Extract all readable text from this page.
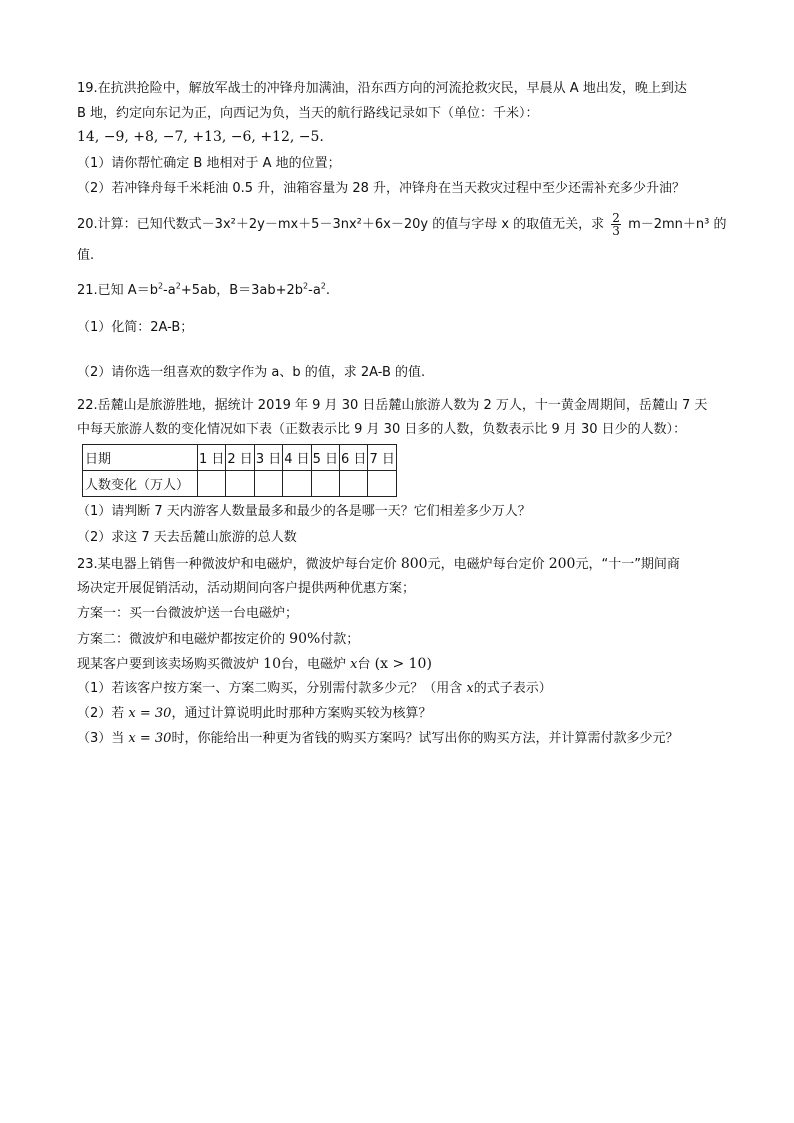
19.在抗洪抢险中，解放军战士的冲锋舟加满油，沿东西方向的河流抢救灾民，早晨从 A 地出发，晚上到达
B 地，约定向东记为正，向西记为负，当天的航行路线记录如下（单位：千米）：
14, −9, +8, −7, +13, −6, +12, −5.
（1）请你帮忙确定 B 地相对于 A 地的位置；
（2）若冲锋舟每千米耗油 0.5 升，油箱容量为 28 升，冲锋舟在当天救灾过程中至少还需补充多少升油？
20.计算：已知代数式－3x²＋2y－mx＋5－3nx²＋6x－20y 的值与字母 x 的取值无关，求 $\frac{2}{3} m-2mn+n^3$ 的
值.
21.已知 $A=b^2-a^2+5ab$，$B=3ab+2b^2-a^2$.
（1）化简：2A-B；
（2）请你选一组喜欢的数字作为 a、b 的值，求 2A-B 的值.
22.岳麓山是旅游胜地，据统计 2019 年 9 月 30 日岳麓山旅游人数为 2 万人，十一黄金周期间，岳麓山 7 天
中每天旅游人数的变化情况如下表（正数表示比 9 月 30 日多的人数，负数表示比 9 月 30 日少的人数）：
日期	1 日	2 日	3 日	4 日	5 日	6 日	7 日
人数变化（万人）							
（1）请判断 7 天内游客人数量最多和最少的各是哪一天？它们相差多少万人？
（2）求这 7 天去岳麓山旅游的总人数
23.某电器上销售一种微波炉和电磁炉，微波炉每台定价 800元，电磁炉每台定价 200元，“十一”期间商
场决定开展促销活动，活动期间向客户提供两种优惠方案；
方案一：买一台微波炉送一台电磁炉；
方案二：微波炉和电磁炉都按定价的 90%付款；
现某客户要到该卖场购买微波炉 10台，电磁炉 x台 (x > 10)
（1）若该客户按方案一、方案二购买，分别需付款多少元？（用含 x的式子表示）
（2）若 x = 30，通过计算说明此时那种方案购买较为核算？
（3）当 x = 30时，你能给出一种更为省钱的购买方案吗？试写出你的购买方法，并计算需付款多少元？
